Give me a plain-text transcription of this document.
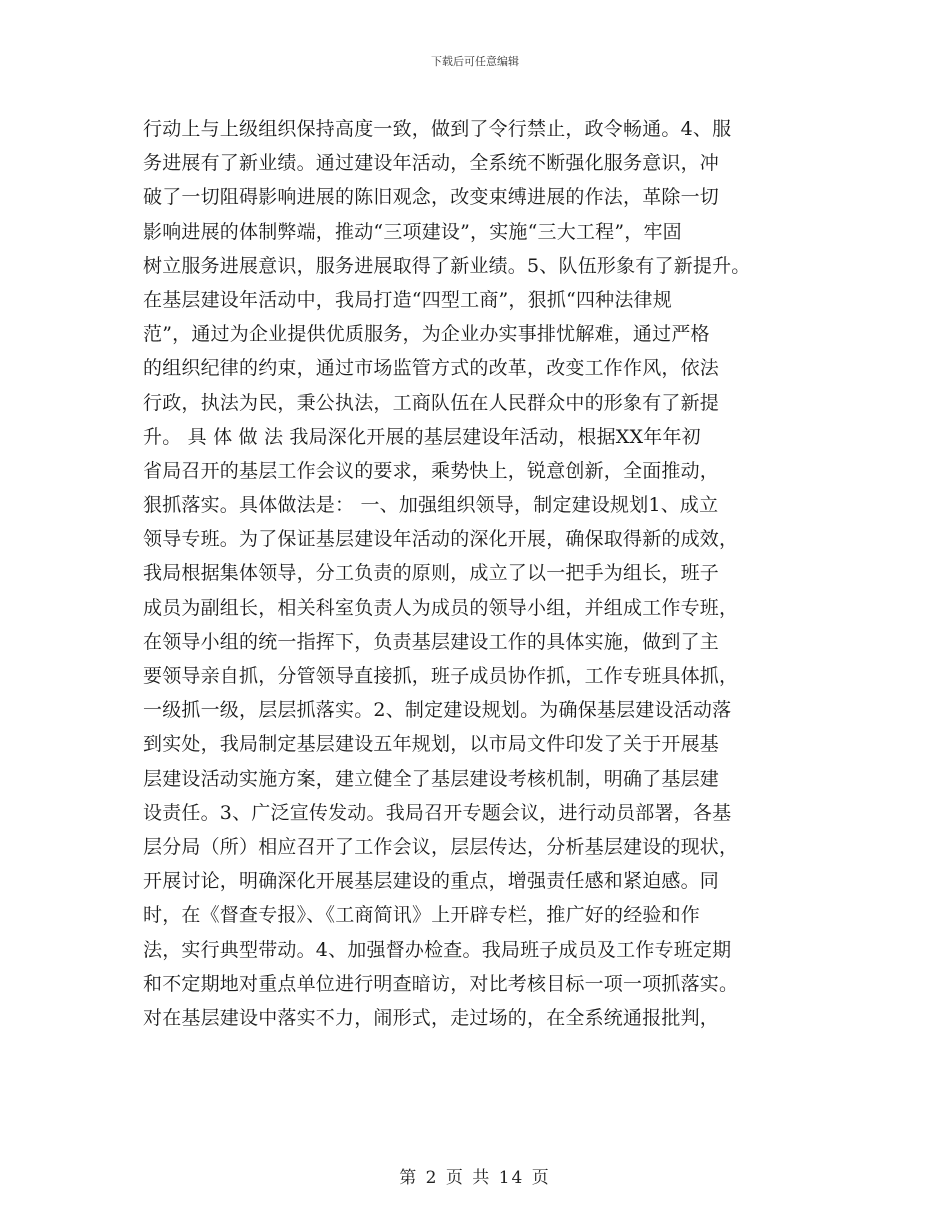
下载后可任意编辑
行动上与上级组织保持高度一致，做到了令行禁止，政令畅通。4、服
务进展有了新业绩。通过建设年活动，全系统不断强化服务意识，冲
破了一切阻碍影响进展的陈旧观念，改变束缚进展的作法，革除一切
影响进展的体制弊端，推动“三项建设”，实施“三大工程”，牢固
树立服务进展意识，服务进展取得了新业绩。5、队伍形象有了新提升。
在基层建设年活动中，我局打造“四型工商”，狠抓“四种法律规
范”，通过为企业提供优质服务，为企业办实事排忧解难，通过严格
的组织纪律的约束，通过市场监管方式的改革，改变工作作风，依法
行政，执法为民，秉公执法，工商队伍在人民群众中的形象有了新提
升。 具 体 做 法 我局深化开展的基层建设年活动，根据XX年年初
省局召开的基层工作会议的要求，乘势快上，锐意创新，全面推动，
狠抓落实。具体做法是： 一、加强组织领导，制定建设规划1、成立
领导专班。为了保证基层建设年活动的深化开展，确保取得新的成效，
我局根据集体领导，分工负责的原则，成立了以一把手为组长，班子
成员为副组长，相关科室负责人为成员的领导小组，并组成工作专班，
在领导小组的统一指挥下，负责基层建设工作的具体实施，做到了主
要领导亲自抓，分管领导直接抓，班子成员协作抓，工作专班具体抓，
一级抓一级，层层抓落实。2、制定建设规划。为确保基层建设活动落
到实处，我局制定基层建设五年规划，以市局文件印发了关于开展基
层建设活动实施方案，建立健全了基层建设考核机制，明确了基层建
设责任。3、广泛宣传发动。我局召开专题会议，进行动员部署，各基
层分局（所）相应召开了工作会议，层层传达，分析基层建设的现状，
开展讨论，明确深化开展基层建设的重点，增强责任感和紧迫感。同
时，在《督查专报》、《工商简讯》上开辟专栏，推广好的经验和作
法，实行典型带动。4、加强督办检查。我局班子成员及工作专班定期
和不定期地对重点单位进行明查暗访，对比考核目标一项一项抓落实。
对在基层建设中落实不力，闹形式，走过场的，在全系统通报批判，
第 2 页 共 14 页
